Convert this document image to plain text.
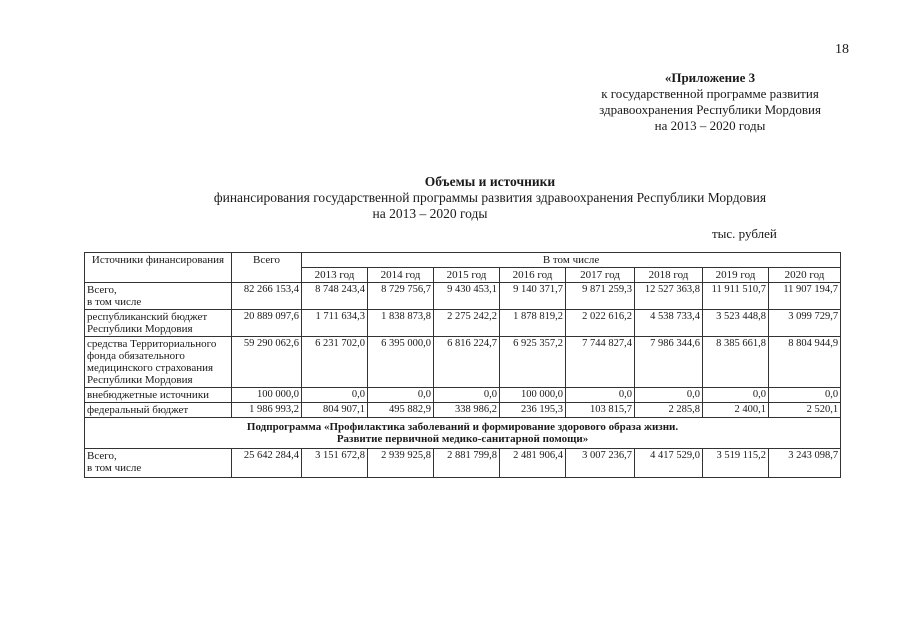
18
«Приложение 3
к государственной программе развития
здравоохранения Республики Мордовия
на 2013 – 2020 годы
Объемы и источники
финансирования государственной программы развития здравоохранения Республики Мордовия
на 2013 – 2020 годы
тыс. рублей
Источники финансирования	Всего	В том числе							
		2013 год	2014 год	2015 год	2016 год	2017 год	2018 год	2019 год	2020 год
Всего,
в том числе	82 266 153,4	8 748 243,4	8 729 756,7	9 430 453,1	9 140 371,7	9 871 259,3	12 527 363,8	11 911 510,7	11 907 194,7
республиканский бюджет Республики Мордовия	20 889 097,6	1 711 634,3	1 838 873,8	2 275 242,2	1 878 819,2	2 022 616,2	4 538 733,4	3 523 448,8	3 099 729,7
средства Территориального фонда обязательного медицинского страхования Республики Мордовия	59 290 062,6	6 231 702,0	6 395 000,0	6 816 224,7	6 925 357,2	7 744 827,4	7 986 344,6	8 385 661,8	8 804 944,9
внебюджетные источники	100 000,0	0,0	0,0	0,0	100 000,0	0,0	0,0	0,0	0,0
федеральный бюджет	1 986 993,2	804 907,1	495 882,9	338 986,2	236 195,3	103 815,7	2 285,8	2 400,1	2 520,1

Подпрограмма «Профилактика заболеваний и формирование здорового образа жизни.
Развитие первичной медико-санитарной помощи»									

Всего,
в том числе	25 642 284,4	3 151 672,8	2 939 925,8	2 881 799,8	2 481 906,4	3 007 236,7	4 417 529,0	3 519 115,2	3 243 098,7
